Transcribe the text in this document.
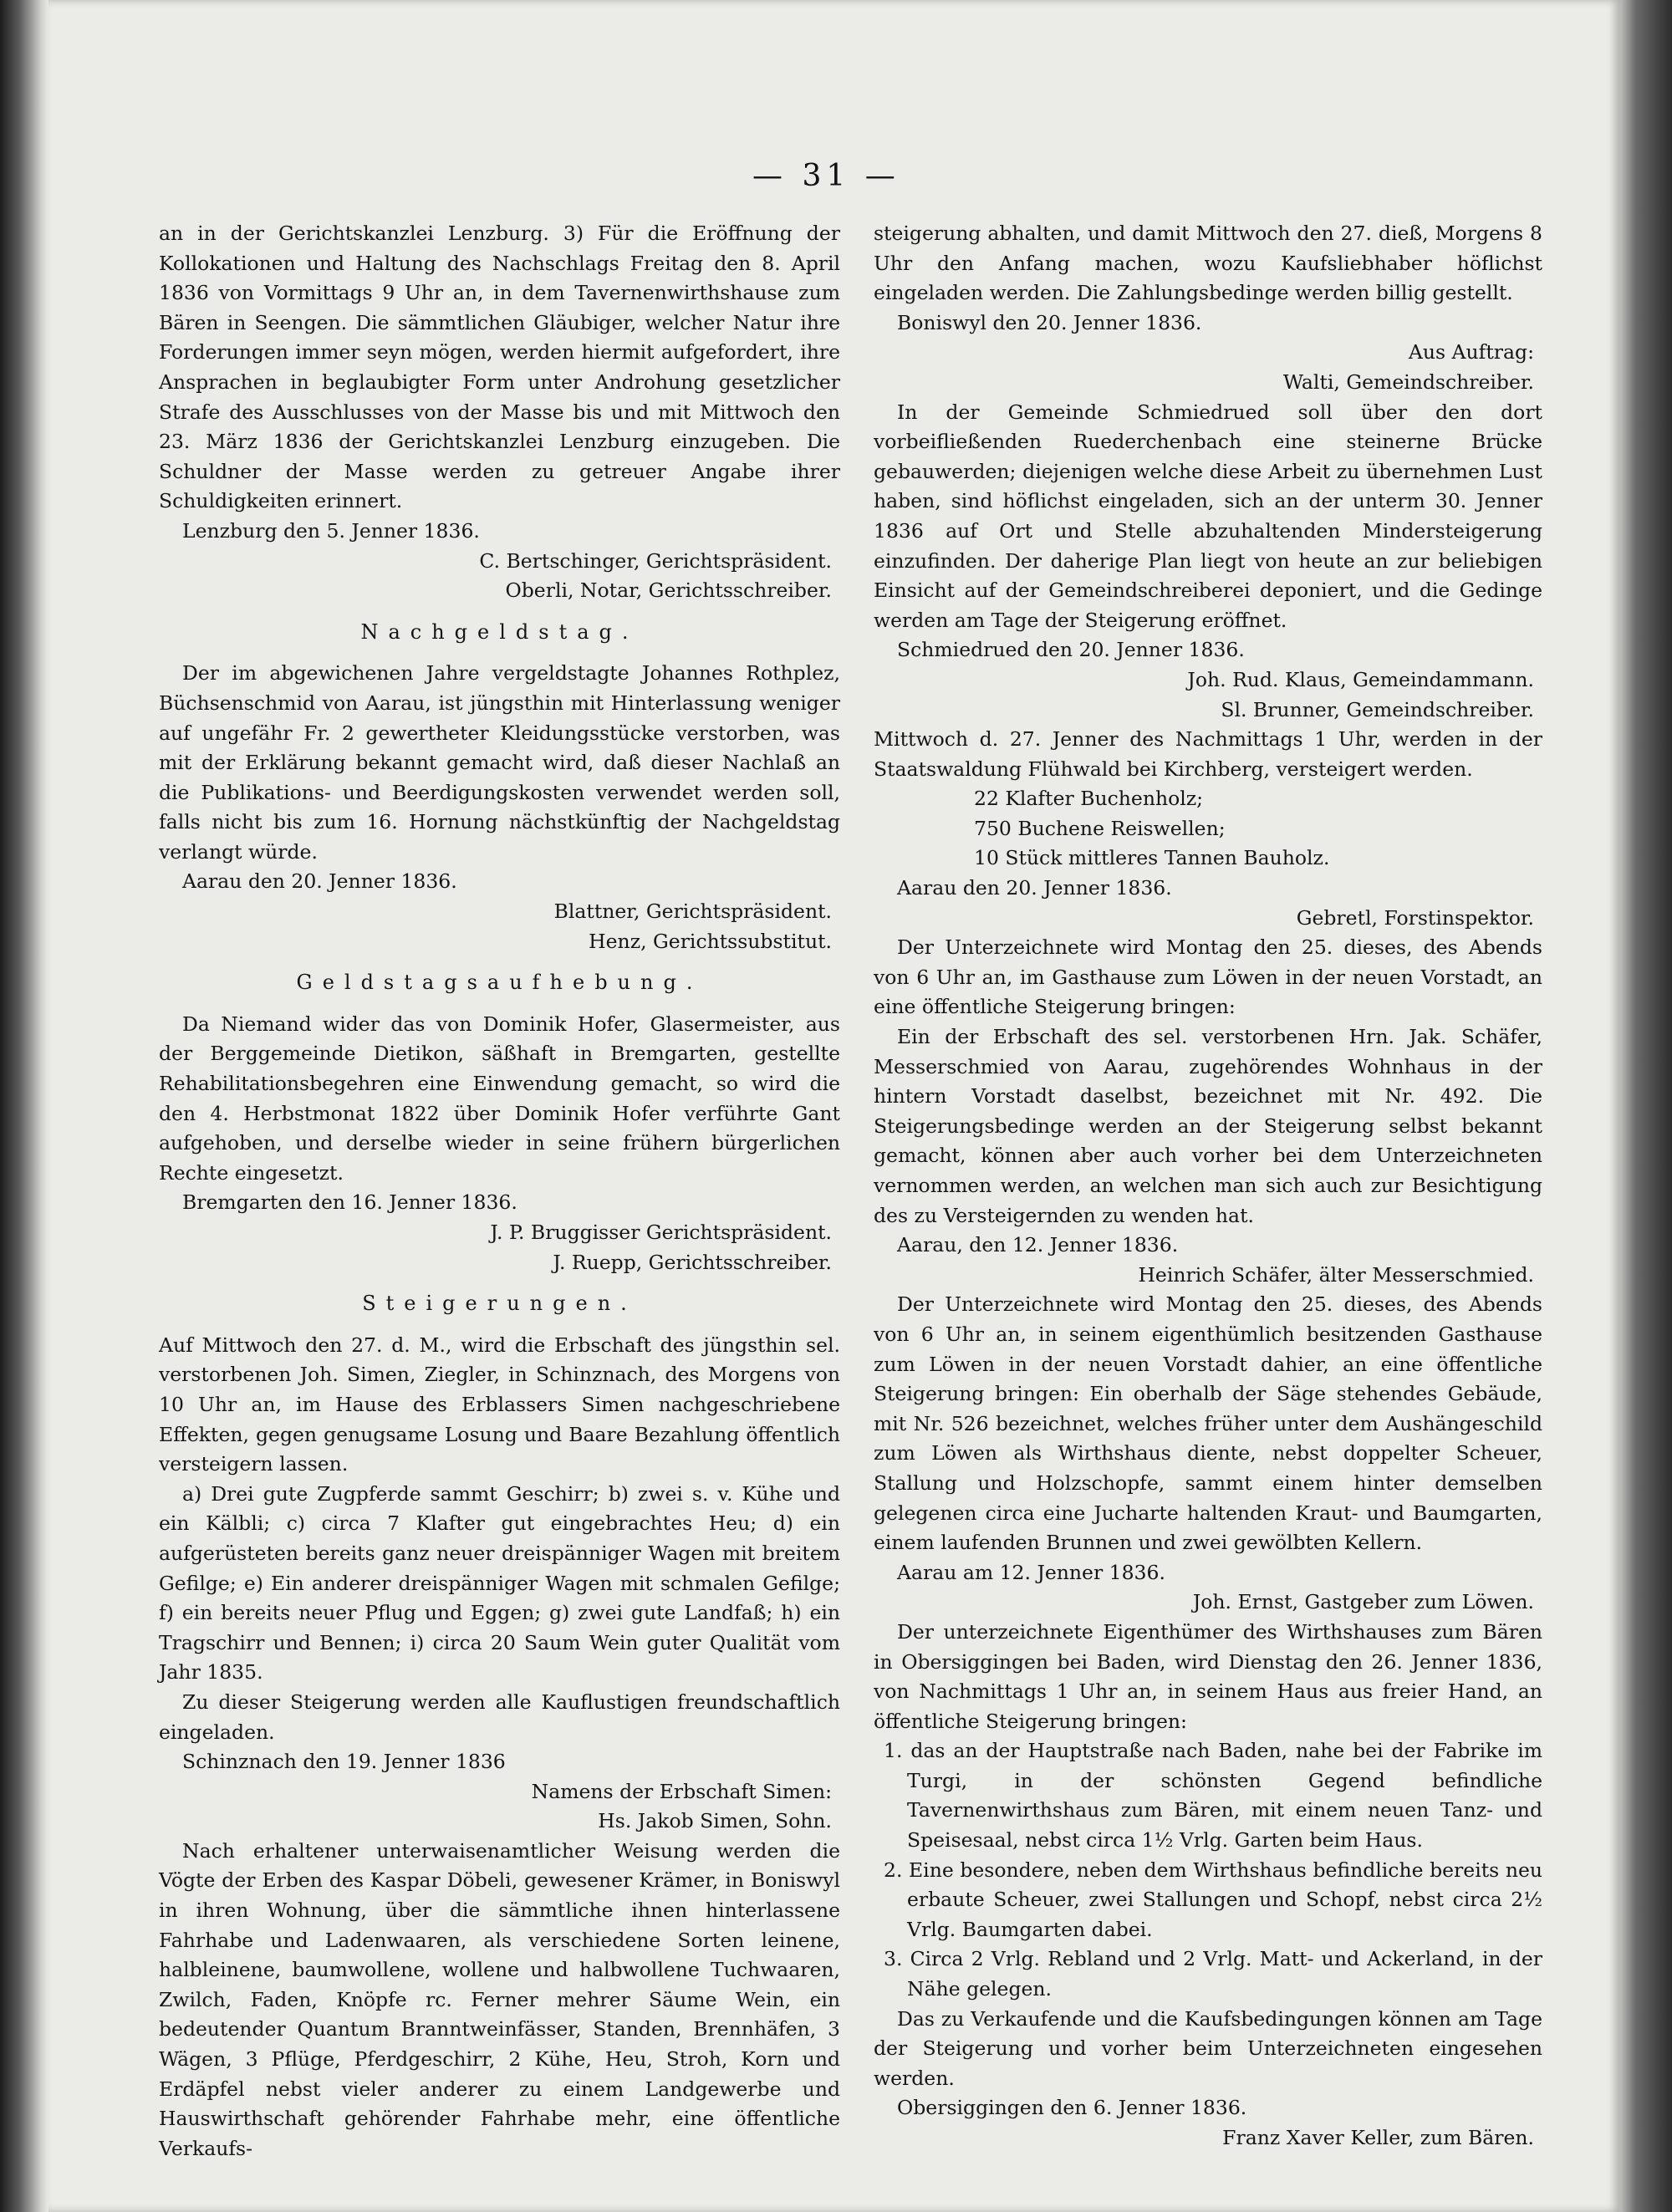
— 31 —

an in der Gerichtskanzlei Lenzburg. 3) Für die Eröffnung der Kollokationen und Haltung des Nachschlags Freitag den 8. April 1836 von Vormittags 9 Uhr an, in dem Tavernenwirthshause zum Bären in Seengen. Die sämmtlichen Gläubiger, welcher Natur ihre Forderungen immer seyn mögen, werden hiermit aufgefordert, ihre Ansprachen in beglaubigter Form unter Androhung gesetzlicher Strafe des Ausschlusses von der Masse bis und mit Mittwoch den 23. März 1836 der Gerichtskanzlei Lenzburg einzugeben. Die Schuldner der Masse werden zu getreuer Angabe ihrer Schuldigkeiten erinnert.

Lenzburg den 5. Jenner 1836.

C. Bertschinger, Gerichtspräsident.

Oberli, Notar, Gerichtsschreiber.

Nachgeldstag.

Der im abgewichenen Jahre vergeldstagte Johannes Rothplez, Büchsenschmid von Aarau, ist jüngsthin mit Hinterlassung weniger auf ungefähr Fr. 2 gewertheter Kleidungsstücke verstorben, was mit der Erklärung bekannt gemacht wird, daß dieser Nachlaß an die Publikations- und Beerdigungskosten verwendet werden soll, falls nicht bis zum 16. Hornung nächstkünftig der Nachgeldstag verlangt würde.

Aarau den 20. Jenner 1836.

Blattner, Gerichtspräsident.

Henz, Gerichtssubstitut.

Geldstagsaufhebung.

Da Niemand wider das von Dominik Hofer, Glasermeister, aus der Berggemeinde Dietikon, säßhaft in Bremgarten, gestellte Rehabilitationsbegehren eine Einwendung gemacht, so wird die den 4. Herbstmonat 1822 über Dominik Hofer verführte Gant aufgehoben, und derselbe wieder in seine frühern bürgerlichen Rechte eingesetzt.

Bremgarten den 16. Jenner 1836.

J. P. Bruggisser Gerichtspräsident.

J. Ruepp, Gerichtsschreiber.

Steigerungen.

Auf Mittwoch den 27. d. M., wird die Erbschaft des jüngsthin sel. verstorbenen Joh. Simen, Ziegler, in Schinznach, des Morgens von 10 Uhr an, im Hause des Erblassers Simen nachgeschriebene Effekten, gegen genugsame Losung und Baare Bezahlung öffentlich versteigern lassen.

a) Drei gute Zugpferde sammt Geschirr; b) zwei s. v. Kühe und ein Kälbli; c) circa 7 Klafter gut eingebrachtes Heu; d) ein aufgerüsteten bereits ganz neuer dreispänniger Wagen mit breitem Gefilge; e) Ein anderer dreispänniger Wagen mit schmalen Gefilge; f) ein bereits neuer Pflug und Eggen; g) zwei gute Landfaß; h) ein Tragschirr und Bennen; i) circa 20 Saum Wein guter Qualität vom Jahr 1835.

Zu dieser Steigerung werden alle Kauflustigen freundschaftlich eingeladen.

Schinznach den 19. Jenner 1836

Namens der Erbschaft Simen:

Hs. Jakob Simen, Sohn.

Nach erhaltener unterwaisenamtlicher Weisung werden die Vögte der Erben des Kaspar Döbeli, gewesener Krämer, in Boniswyl in ihren Wohnung, über die sämmtliche ihnen hinterlassene Fahrhabe und Ladenwaaren, als verschiedene Sorten leinene, halbleinene, baumwollene, wollene und halbwollene Tuchwaaren, Zwilch, Faden, Knöpfe rc. Ferner mehrer Säume Wein, ein bedeutender Quantum Branntweinfässer, Standen, Brennhäfen, 3 Wägen, 3 Pflüge, Pferdgeschirr, 2 Kühe, Heu, Stroh, Korn und Erdäpfel nebst vieler anderer zu einem Landgewerbe und Hauswirthschaft gehörender Fahrhabe mehr, eine öffentliche Verkaufs-

steigerung abhalten, und damit Mittwoch den 27. dieß, Morgens 8 Uhr den Anfang machen, wozu Kaufsliebhaber höflichst eingeladen werden. Die Zahlungsbedinge werden billig gestellt.

Boniswyl den 20. Jenner 1836.

Aus Auftrag:

Walti, Gemeindschreiber.

In der Gemeinde Schmiedrued soll über den dort vorbeifließenden Ruederchenbach eine steinerne Brücke gebauwerden; diejenigen welche diese Arbeit zu übernehmen Lust haben, sind höflichst eingeladen, sich an der unterm 30. Jenner 1836 auf Ort und Stelle abzuhaltenden Mindersteigerung einzufinden. Der daherige Plan liegt von heute an zur beliebigen Einsicht auf der Gemeindschreiberei deponiert, und die Gedinge werden am Tage der Steigerung eröffnet.

Schmiedrued den 20. Jenner 1836.

Joh. Rud. Klaus, Gemeindammann.

Sl. Brunner, Gemeindschreiber.

Mittwoch d. 27. Jenner des Nachmittags 1 Uhr, werden in der Staatswaldung Flühwald bei Kirchberg, versteigert werden.

22 Klafter Buchenholz;

750 Buchene Reiswellen;

10 Stück mittleres Tannen Bauholz.

Aarau den 20. Jenner 1836.

Gebretl, Forstinspektor.

Der Unterzeichnete wird Montag den 25. dieses, des Abends von 6 Uhr an, im Gasthause zum Löwen in der neuen Vorstadt, an eine öffentliche Steigerung bringen:

Ein der Erbschaft des sel. verstorbenen Hrn. Jak. Schäfer, Messerschmied von Aarau, zugehörendes Wohnhaus in der hintern Vorstadt daselbst, bezeichnet mit Nr. 492. Die Steigerungsbedinge werden an der Steigerung selbst bekannt gemacht, können aber auch vorher bei dem Unterzeichneten vernommen werden, an welchen man sich auch zur Besichtigung des zu Versteigernden zu wenden hat.

Aarau, den 12. Jenner 1836.

Heinrich Schäfer, älter Messerschmied.

Der Unterzeichnete wird Montag den 25. dieses, des Abends von 6 Uhr an, in seinem eigenthümlich besitzenden Gasthause zum Löwen in der neuen Vorstadt dahier, an eine öffentliche Steigerung bringen: Ein oberhalb der Säge stehendes Gebäude, mit Nr. 526 bezeichnet, welches früher unter dem Aushängeschild zum Löwen als Wirthshaus diente, nebst doppelter Scheuer, Stallung und Holzschopfe, sammt einem hinter demselben gelegenen circa eine Jucharte haltenden Kraut- und Baumgarten, einem laufenden Brunnen und zwei gewölbten Kellern.

Aarau am 12. Jenner 1836.

Joh. Ernst, Gastgeber zum Löwen.

Der unterzeichnete Eigenthümer des Wirthshauses zum Bären in Obersiggingen bei Baden, wird Dienstag den 26. Jenner 1836, von Nachmittags 1 Uhr an, in seinem Haus aus freier Hand, an öffentliche Steigerung bringen:

1. das an der Hauptstraße nach Baden, nahe bei der Fabrike im Turgi, in der schönsten Gegend befindliche Tavernenwirthshaus zum Bären, mit einem neuen Tanz- und Speisesaal, nebst circa 1½ Vrlg. Garten beim Haus.

2. Eine besondere, neben dem Wirthshaus befindliche bereits neu erbaute Scheuer, zwei Stallungen und Schopf, nebst circa 2½ Vrlg. Baumgarten dabei.

3. Circa 2 Vrlg. Rebland und 2 Vrlg. Matt- und Ackerland, in der Nähe gelegen.

Das zu Verkaufende und die Kaufsbedingungen können am Tage der Steigerung und vorher beim Unterzeichneten eingesehen werden.

Obersiggingen den 6. Jenner 1836.

Franz Xaver Keller, zum Bären.
